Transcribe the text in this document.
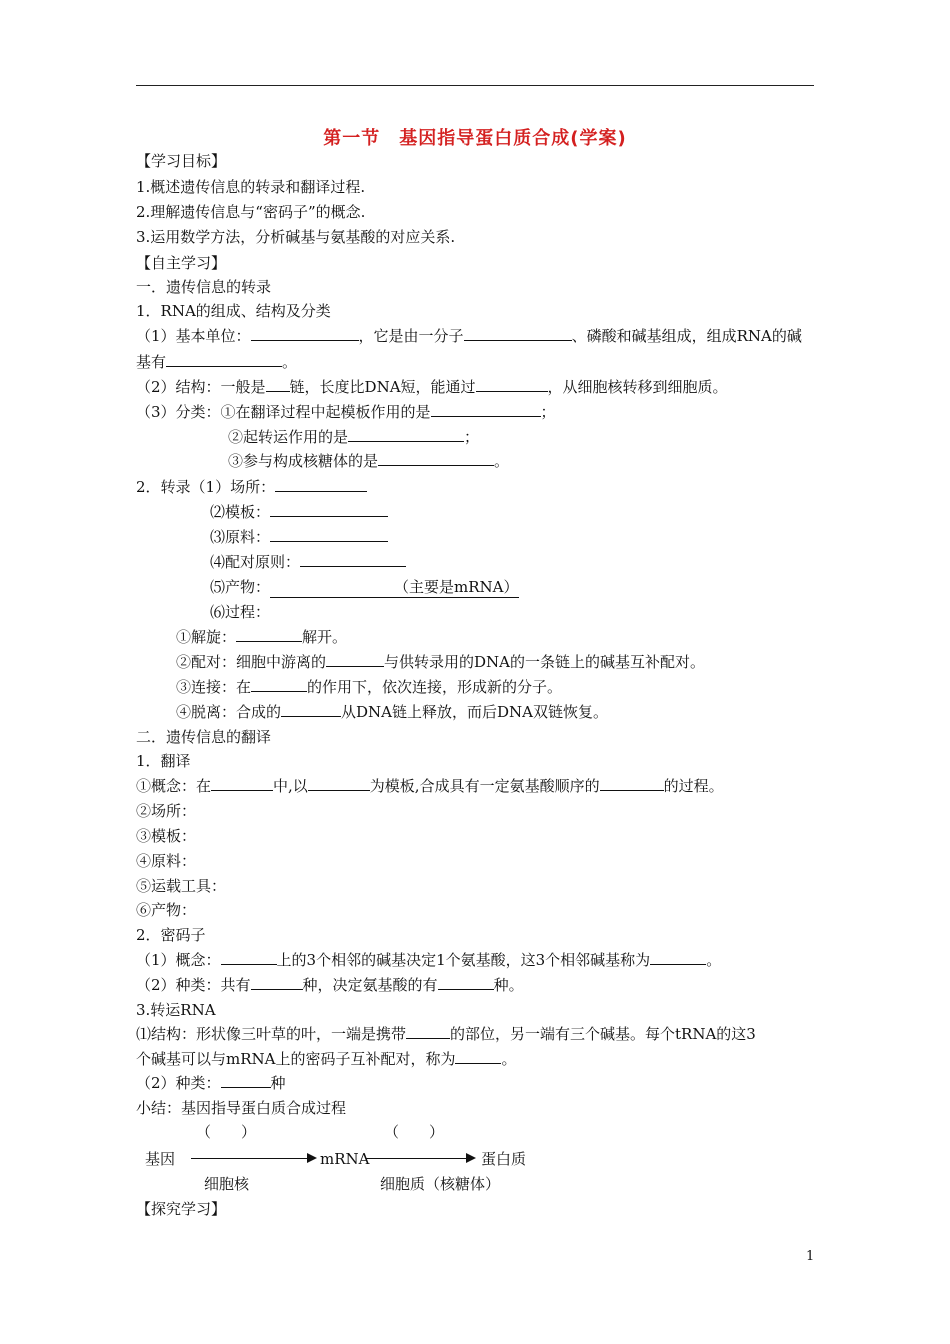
第一节　基因指导蛋白质合成(学案)
【学习目标】
1.概述遗传信息的转录和翻译过程.
2.理解遗传信息与“密码子”的概念.
3.运用数学方法，分析碱基与氨基酸的对应关系.
【自主学习】
一．遗传信息的转录
1．RNA的组成、结构及分类
（1）基本单位：	，它是由一分子	、磷酸和碱基组成，组成RNA的碱
基有	。
（2）结构：一般是 链，长度比DNA短，能通过	，从细胞核转移到细胞质。
（3）分类：①在翻译过程中起模板作用的是	；
②起转运作用的是	；
③参与构成核糖体的是	。
2．转录（1）场所：
⑵模板：
⑶原料：
⑷配对原则：
⑸产物：	（主要是mRNA）
⑹过程：
①解旋：	解开。
②配对：细胞中游离的	与供转录用的DNA的一条链上的碱基互补配对。
③连接：在	的作用下，依次连接，形成新的分子。
④脱离：合成的	从DNA链上释放，而后DNA双链恢复。
二．遗传信息的翻译
1．翻译
①概念：在	中,以	为模板,合成具有一定氨基酸顺序的	的过程。
②场所：
③模板：
④原料：
⑤运载工具：
⑥产物：
2．密码子
（1）概念：	上的3个相邻的碱基决定1个氨基酸，这3个相邻碱基称为	。
（2）种类：共有	种，决定氨基酸的有	种。
3.转运RNA
⑴结构：形状像三叶草的叶，一端是携带	的部位，另一端有三个碱基。每个tRNA的这3
个碱基可以与mRNA上的密码子互补配对，称为	。
（2）种类：	种
小结：基因指导蛋白质合成过程
（　　）	（　　）
基因	mRNA	蛋白质
细胞核	细胞质（核糖体）
【探究学习】
1
